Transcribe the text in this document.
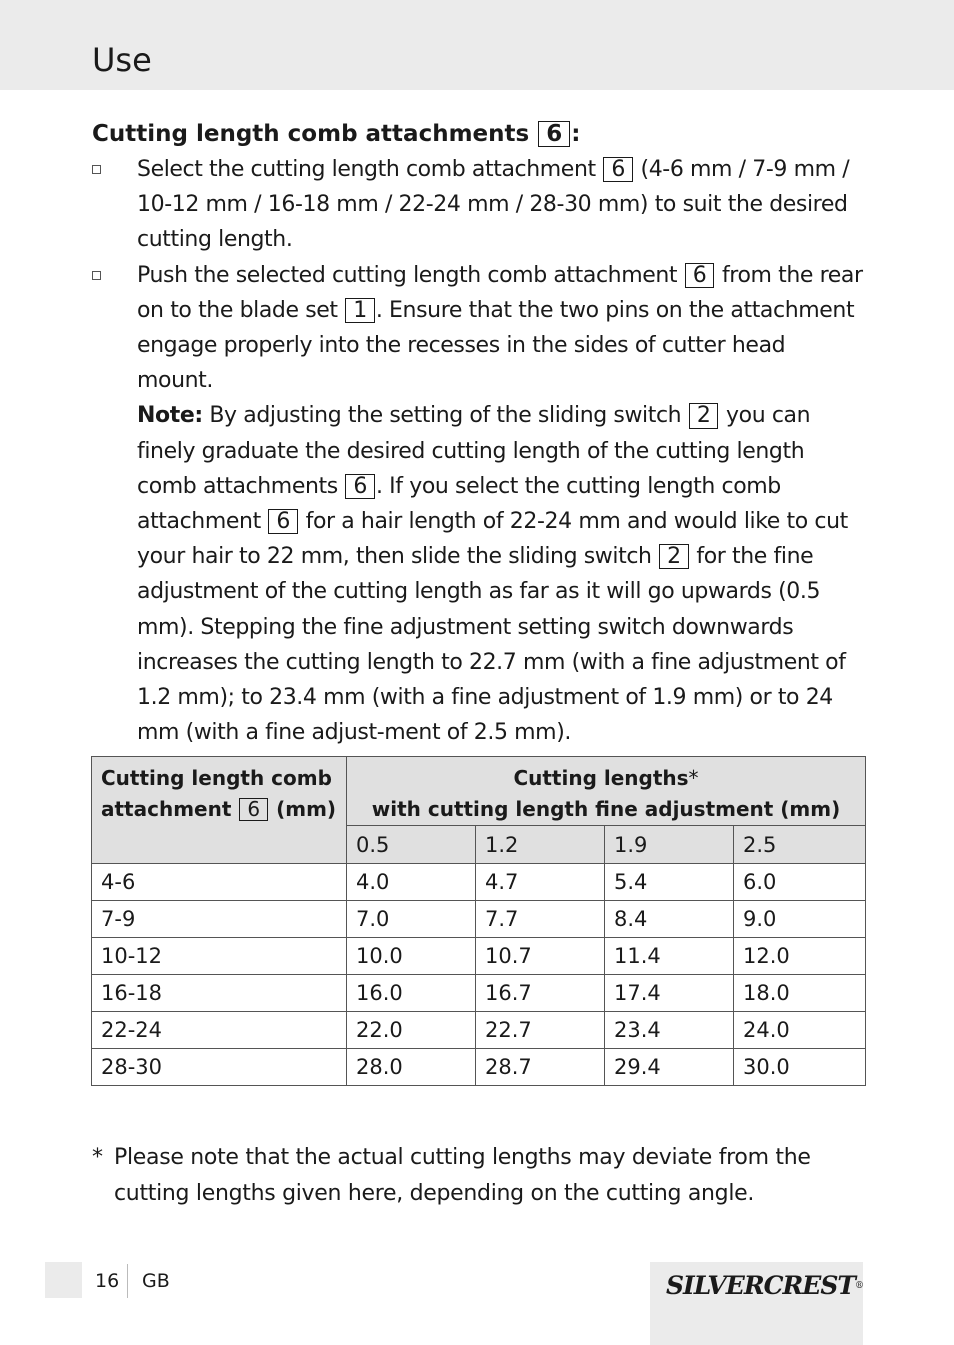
Use
Cutting length comb attachments 6 :
Select the cutting length comb attachment 6 (4-6 mm / 7-9 mm / 10-12 mm / 16-18 mm / 22-24 mm / 28-30 mm) to suit the desired cutting length.
Push the selected cutting length comb attachment 6 from the rear on to the blade set 1 . Ensure that the two pins on the attachment engage properly into the recesses in the sides of cutter head mount.
Note: By adjusting the setting of the sliding switch 2 you can finely graduate the desired cutting length of the cutting length comb attachments 6 . If you select the cutting length comb attachment 6 for a hair length of 22-24 mm and would like to cut your hair to 22 mm, then slide the sliding switch 2 for the fine adjustment of the cutting length as far as it will go upwards (0.5 mm). Stepping the fine adjustment setting switch downwards increases the cutting length to 22.7 mm (with a fine adjustment of 1.2 mm); to 23.4 mm (with a fine adjustment of 1.9 mm) or to 24 mm (with a fine adjust-ment of 2.5 mm).
Cutting length comb
attachment 6 (mm)	Cutting lengths*
with cutting length fine adjustment (mm)			
	0.5	1.2	1.9	2.5
4-6	4.0	4.7	5.4	6.0
7-9	7.0	7.7	8.4	9.0
10-12	10.0	10.7	11.4	12.0
16-18	16.0	16.7	17.4	18.0
22-24	22.0	22.7	23.4	24.0
28-30	28.0	28.7	29.4	30.0
* Please note that the actual cutting lengths may deviate from the cutting lengths given here, depending on the cutting angle.
16 GB	SILVERCREST®
